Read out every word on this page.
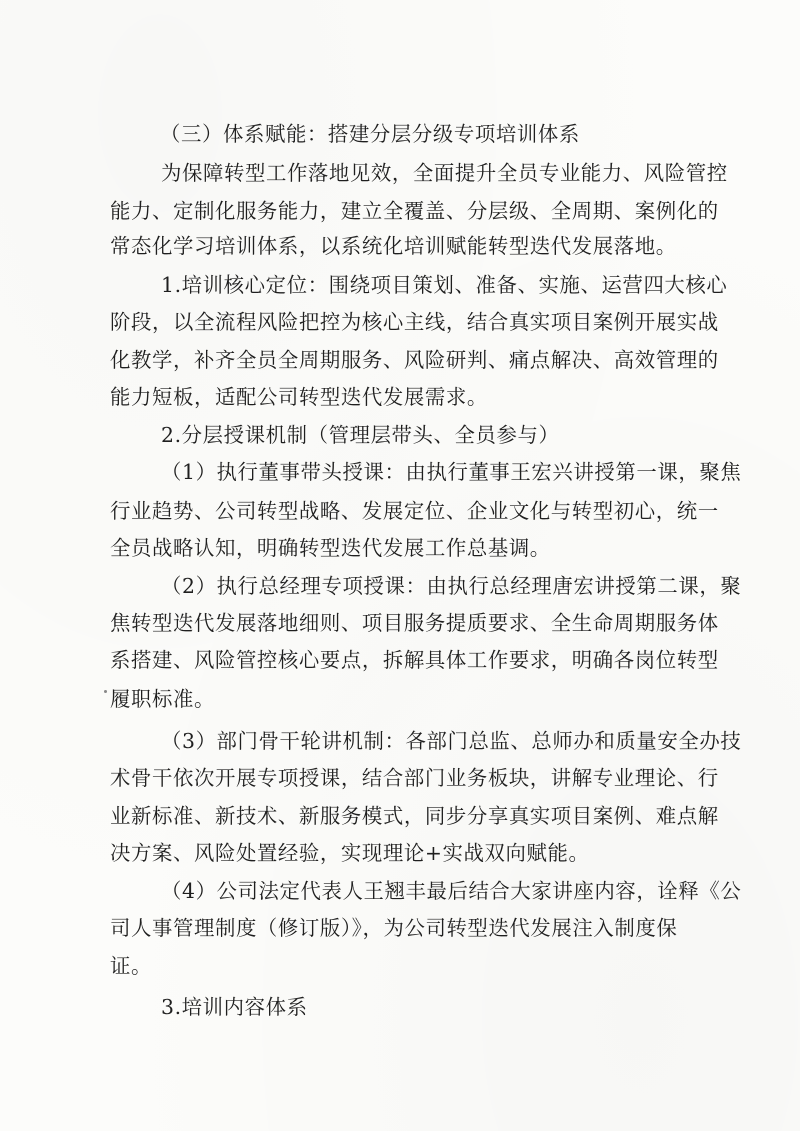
（三）体系赋能：搭建分层分级专项培训体系
为保障转型工作落地见效，全面提升全员专业能力、风险管控
能力、定制化服务能力，建立全覆盖、分层级、全周期、案例化的
常态化学习培训体系，以系统化培训赋能转型迭代发展落地。
1.培训核心定位：围绕项目策划、准备、实施、运营四大核心
阶段，以全流程风险把控为核心主线，结合真实项目案例开展实战
化教学，补齐全员全周期服务、风险研判、痛点解决、高效管理的
能力短板，适配公司转型迭代发展需求。
2.分层授课机制（管理层带头、全员参与）
（1）执行董事带头授课：由执行董事王宏兴讲授第一课，聚焦
行业趋势、公司转型战略、发展定位、企业文化与转型初心，统一
全员战略认知，明确转型迭代发展工作总基调。
（2）执行总经理专项授课：由执行总经理唐宏讲授第二课，聚
焦转型迭代发展落地细则、项目服务提质要求、全生命周期服务体
系搭建、风险管控核心要点，拆解具体工作要求，明确各岗位转型
履职标准。
（3）部门骨干轮讲机制：各部门总监、总师办和质量安全办技
术骨干依次开展专项授课，结合部门业务板块，讲解专业理论、行
业新标准、新技术、新服务模式，同步分享真实项目案例、难点解
决方案、风险处置经验，实现理论+实战双向赋能。
（4）公司法定代表人王翘丰最后结合大家讲座内容，诠释《公
司人事管理制度（修订版）》，为公司转型迭代发展注入制度保
证。
3.培训内容体系
